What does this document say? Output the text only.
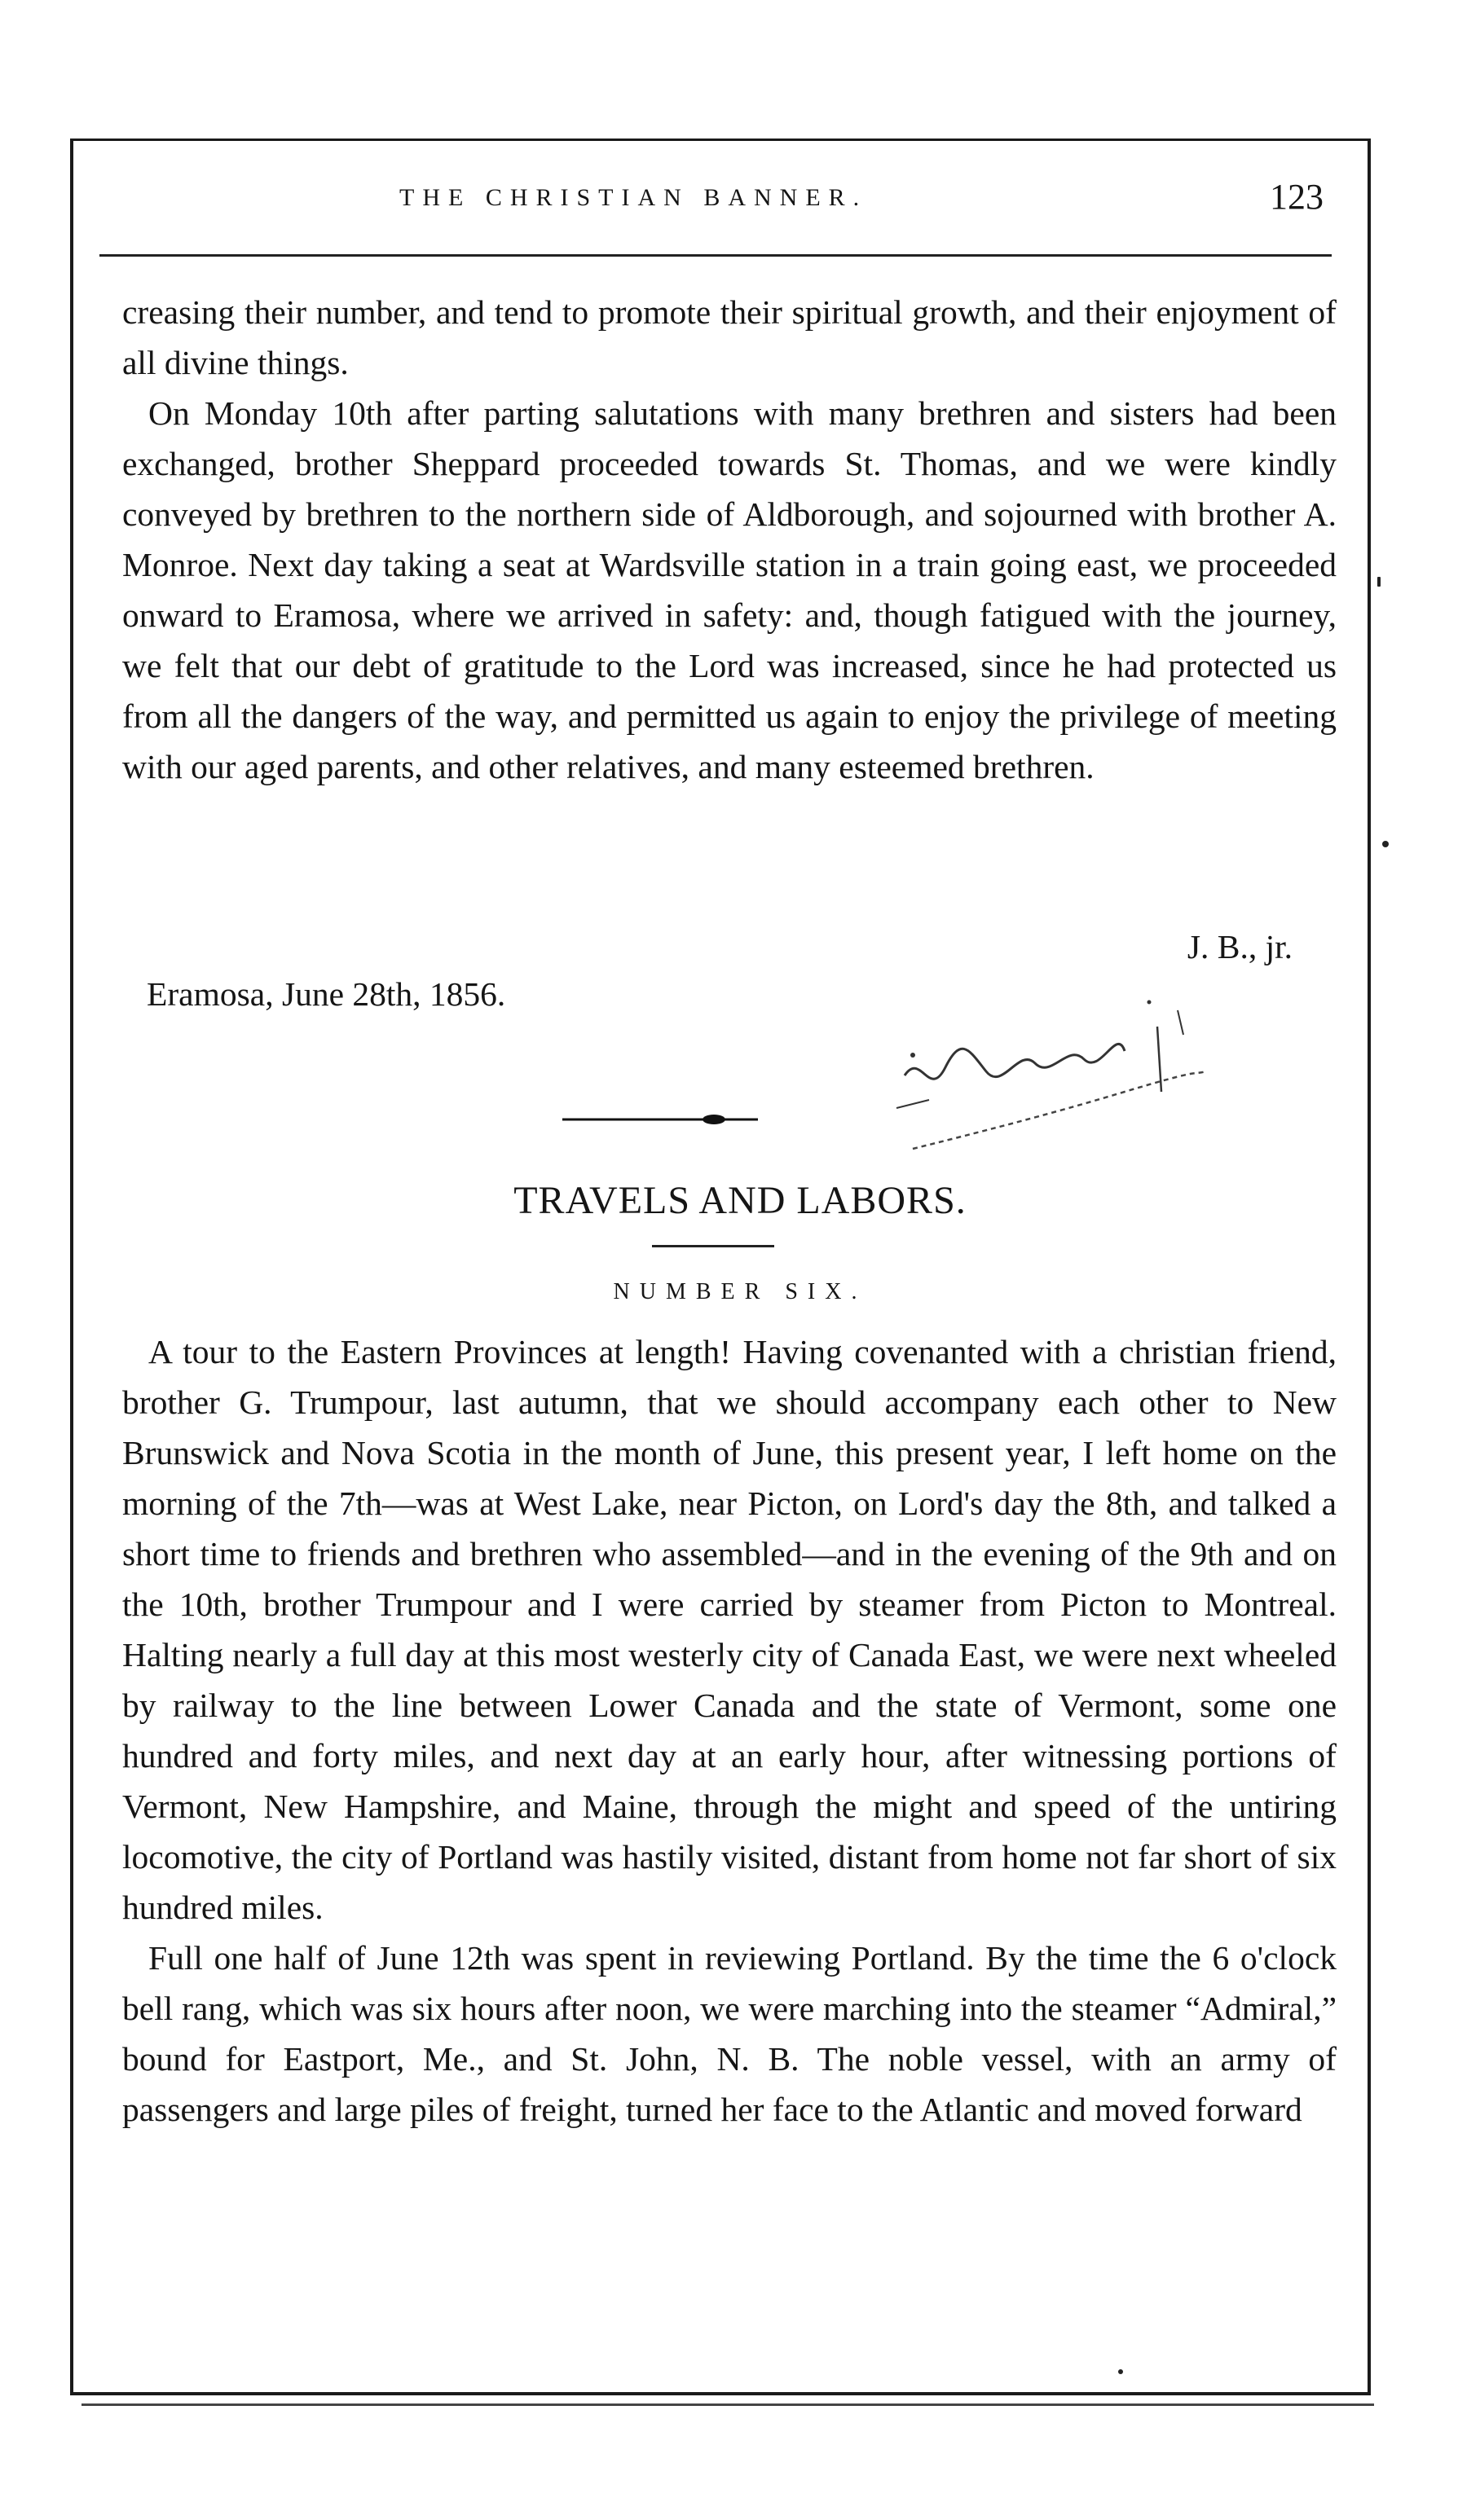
THE CHRISTIAN BANNER.	123

creasing their number, and tend to promote their spiritual growth, and their enjoyment of all divine things.

On Monday 10th after parting salutations with many brethren and sisters had been exchanged, brother Sheppard proceeded towards St. Thomas, and we were kindly conveyed by brethren to the northern side of Aldborough, and sojourned with brother A. Monroe. Next day taking a seat at Wardsville station in a train going east, we proceeded onward to Eramosa, where we arrived in safety: and, though fatigued with the journey, we felt that our debt of gratitude to the Lord was increased, since he had protected us from all the dangers of the way, and permitted us again to enjoy the privilege of meeting with our aged parents, and other relatives, and many esteemed brethren.

J. B., jr.
Eramosa, June 28th, 1856.
TRAVELS AND LABORS.
NUMBER SIX.

A tour to the Eastern Provinces at length! Having covenanted with a christian friend, brother G. Trumpour, last autumn, that we should accompany each other to New Brunswick and Nova Scotia in the month of June, this present year, I left home on the morning of the 7th—was at West Lake, near Picton, on Lord's day the 8th, and talked a short time to friends and brethren who assembled—and in the evening of the 9th and on the 10th, brother Trumpour and I were carried by steamer from Picton to Montreal. Halting nearly a full day at this most westerly city of Canada East, we were next wheeled by railway to the line between Lower Canada and the state of Vermont, some one hundred and forty miles, and next day at an early hour, after witnessing portions of Vermont, New Hampshire, and Maine, through the might and speed of the untiring locomotive, the city of Portland was hastily visited, distant from home not far short of six hundred miles.

Full one half of June 12th was spent in reviewing Portland. By the time the 6 o'clock bell rang, which was six hours after noon, we were marching into the steamer “Admiral,” bound for Eastport, Me., and St. John, N. B. The noble vessel, with an army of passengers and large piles of freight, turned her face to the Atlantic and moved forward
